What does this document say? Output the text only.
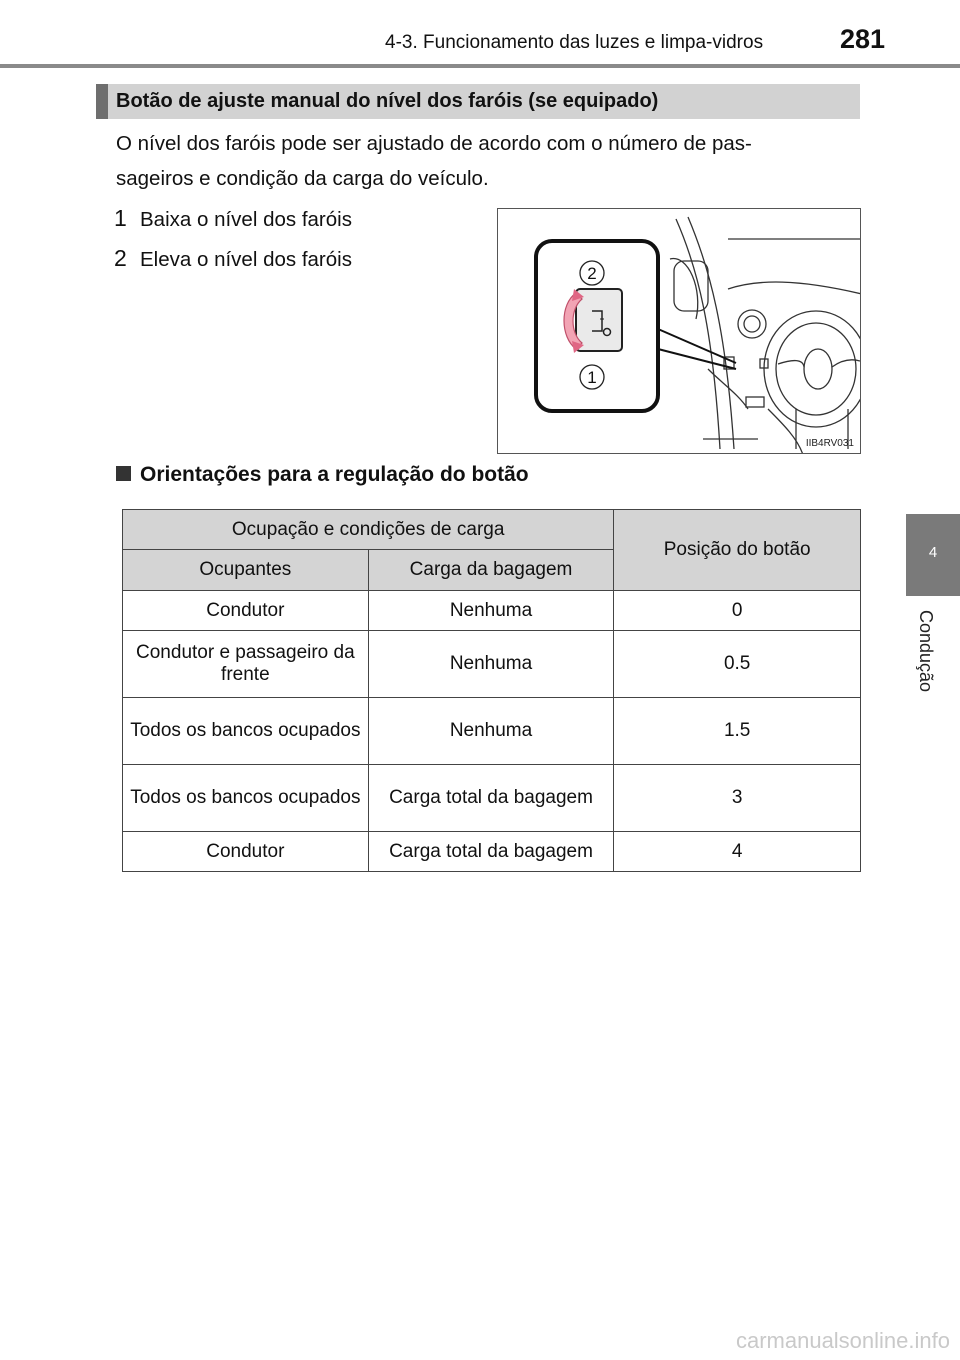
4-3. Funcionamento das luzes e limpa-vidros	281
4
Condução
Botão de ajuste manual do nível dos faróis (se equipado)
O nível dos faróis pode ser ajustado de acordo com o número de pas-
sageiros e condição da carga do veículo.
1 Baixa o nível dos faróis
2 Eleva o nível dos faróis
2
1
IIB4RV031
Orientações para a regulação do botão
Ocupação e condições de carga		Posição do botão
Ocupantes	Carga da bagagem	
Condutor	Nenhuma	0
Condutor e passageiro da frente	Nenhuma	0.5
Todos os bancos ocupados	Nenhuma	1.5
Todos os bancos ocupados	Carga total da bagagem	3
Condutor	Carga total da bagagem	4
carmanualsonline.info
